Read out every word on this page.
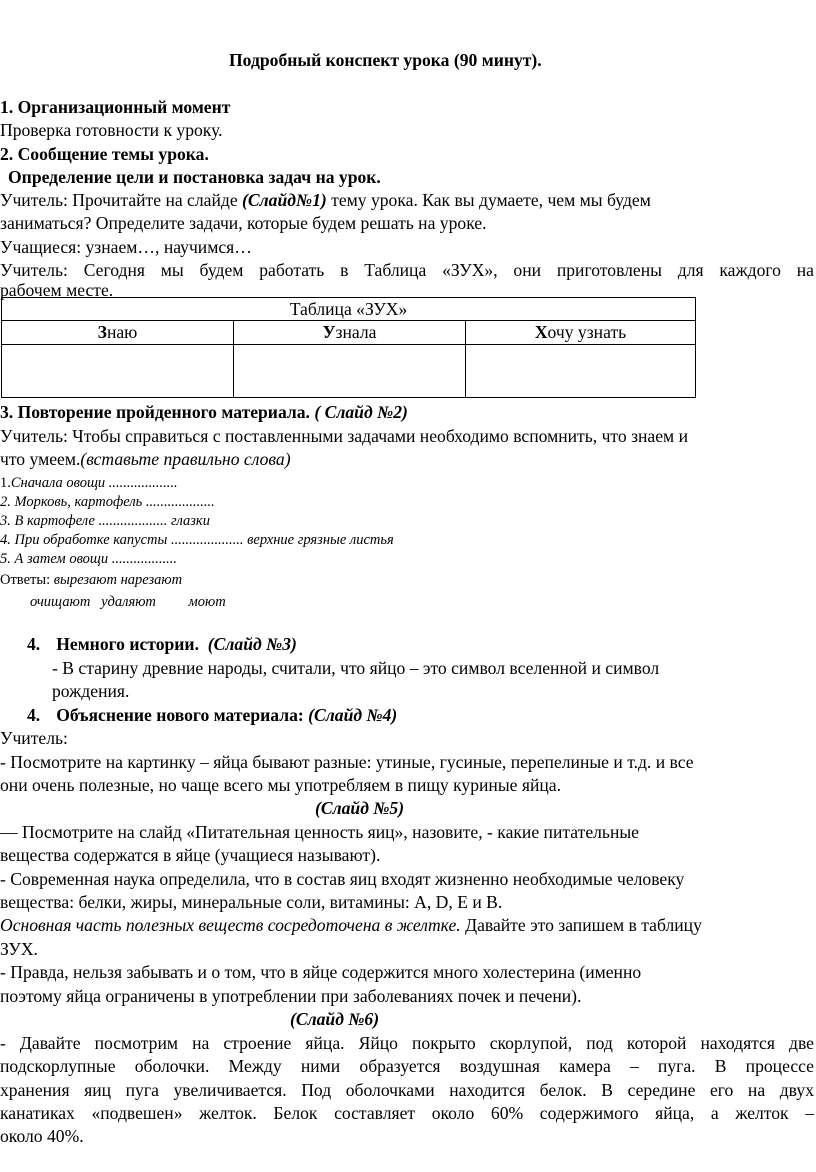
Подробный конспект урока (90 минут).
1. Организационный момент
Проверка готовности к уроку.
2. Сообщение темы урока.
Определение цели и постановка задач на урок.
Учитель: Прочитайте на слайде (Слайд№1) тему урока. Как вы думаете, чем мы будем
заниматься? Определите задачи, которые будем решать на уроке.
Учащиеся: узнаем…, научимся…
Учитель: Сегодня мы будем работать в Таблица «ЗУХ», они приготовлены для каждого на
рабочем месте.
Таблица «ЗУХ»		
Знаю	Узнала	Хочу узнать

3. Повторение пройденного материала. ( Слайд №2)
Учитель: Чтобы справиться с поставленными задачами необходимо вспомнить, что знаем и
что умеем.(вставьте правильно слова)
1.Сначала овощи ...................
2. Морковь, картофель ...................
3. В картофеле ................... глазки
4. При обработке капусты .................... верхние грязные листья
5. А затем овощи ..................
Ответы: вырезают нарезают
очищают   удаляют         моют
4. Немного истории. (Слайд №3)
- В старину древние народы, считали, что яйцо – это символ вселенной и символ
рождения.
4. Объяснение нового материала: (Слайд №4)
Учитель:
- Посмотрите на картинку – яйца бывают разные: утиные, гусиные, перепелиные и т.д. и все
они очень полезные, но чаще всего мы употребляем в пищу куриные яйца.
(Слайд №5)
— Посмотрите на слайд «Питательная ценность яиц», назовите, - какие питательные
вещества содержатся в яйце (учащиеся называют).
- Современная наука определила, что в состав яиц входят жизненно необходимые человеку
вещества: белки, жиры, минеральные соли, витамины: A, D, E и B.
Основная часть полезных веществ сосредоточена в желтке. Давайте это запишем в таблицу
ЗУХ.
- Правда, нельзя забывать и о том, что в яйце содержится много холестерина (именно
поэтому яйца ограничены в употреблении при заболеваниях почек и печени).
(Слайд №6)
- Давайте посмотрим на строение яйца. Яйцо покрыто скорлупой, под которой находятся две
подскорлупные оболочки. Между ними образуется воздушная камера – пуга. В процессе
хранения яиц пуга увеличивается. Под оболочками находится белок. В середине его на двух
канатиках «подвешен» желток. Белок составляет около 60% содержимого яйца, а желток –
около 40%.
